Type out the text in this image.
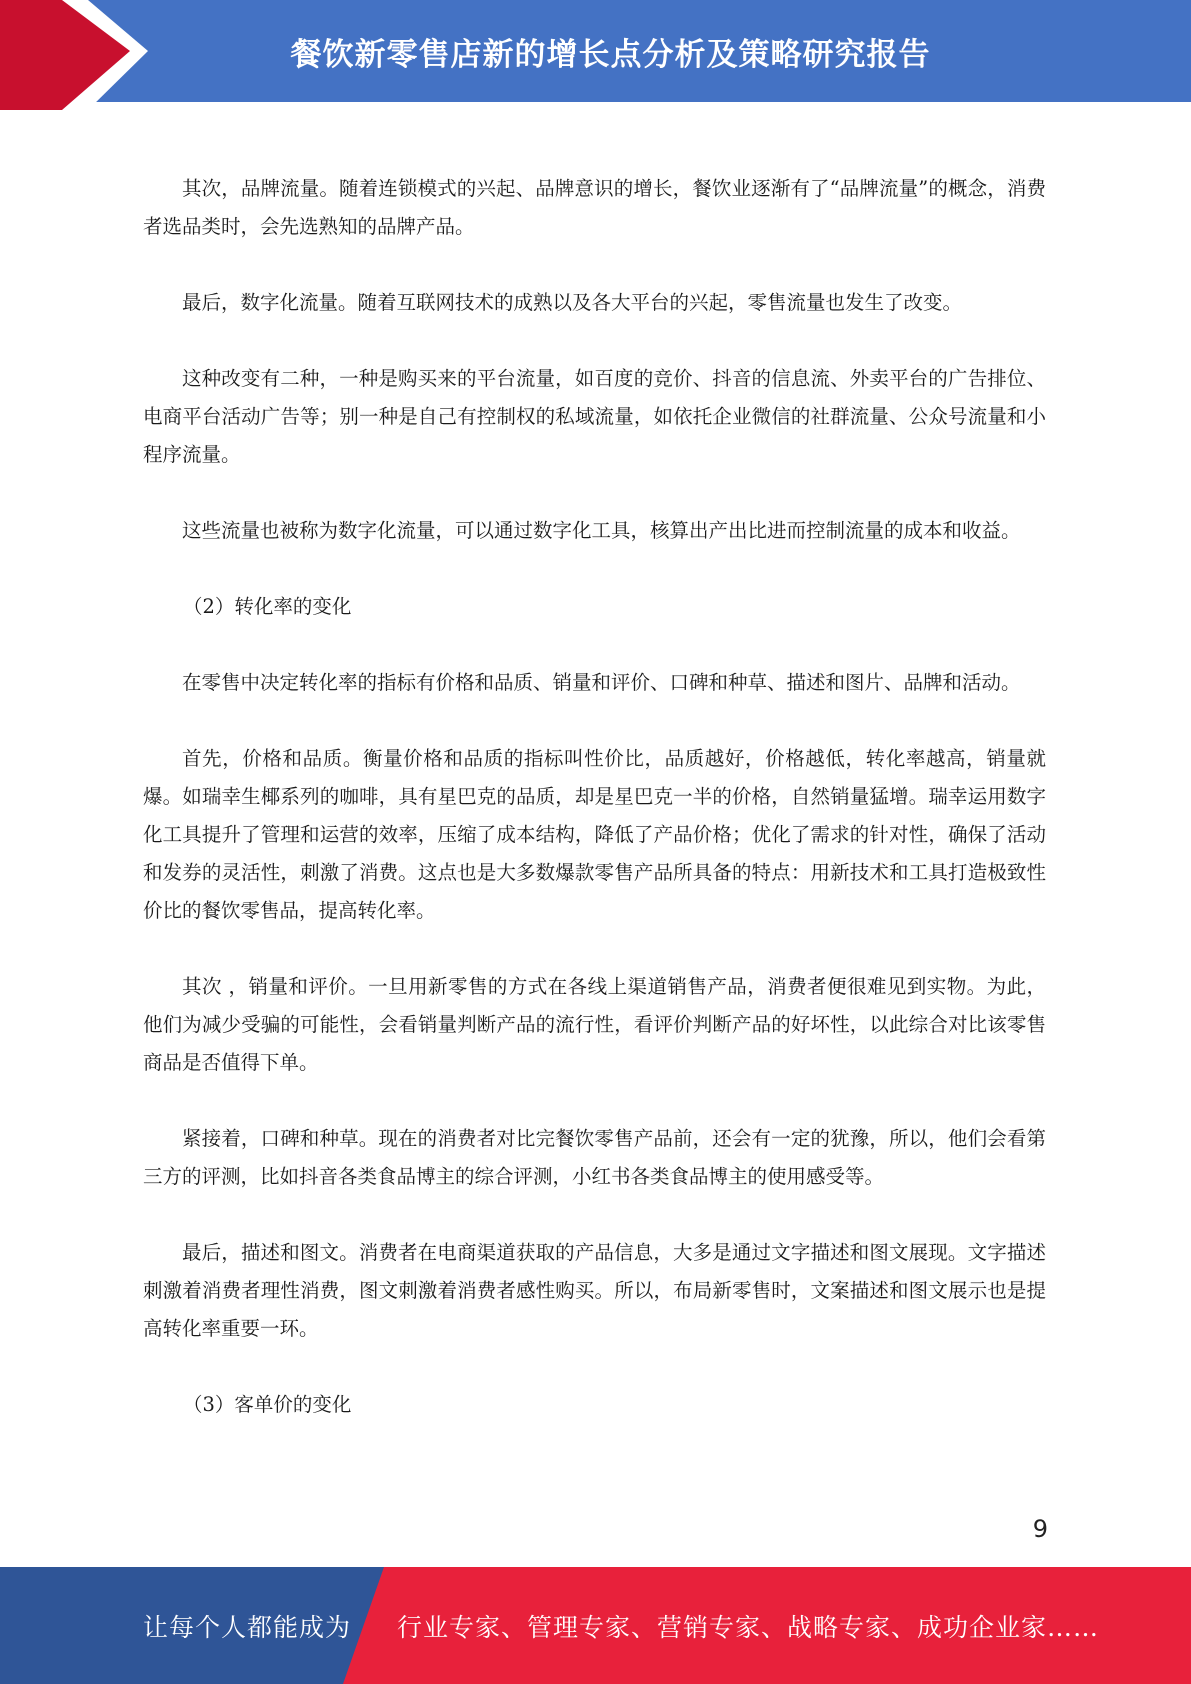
餐饮新零售店新的增长点分析及策略研究报告

其次，品牌流量。随着连锁模式的兴起、品牌意识的增长，餐饮业逐渐有了“品牌流量”的概念，消费者选品类时，会先选熟知的品牌产品。

最后，数字化流量。随着互联网技术的成熟以及各大平台的兴起，零售流量也发生了改变。

这种改变有二种，一种是购买来的平台流量，如百度的竞价、抖音的信息流、外卖平台的广告排位、电商平台活动广告等；别一种是自己有控制权的私域流量，如依托企业微信的社群流量、公众号流量和小程序流量。

这些流量也被称为数字化流量，可以通过数字化工具，核算出产出比进而控制流量的成本和收益。

（2）转化率的变化

在零售中决定转化率的指标有价格和品质、销量和评价、口碑和种草、描述和图片、品牌和活动。

首先，价格和品质。衡量价格和品质的指标叫性价比，品质越好，价格越低，转化率越高，销量就爆。如瑞幸生椰系列的咖啡，具有星巴克的品质，却是星巴克一半的价格，自然销量猛增。瑞幸运用数字化工具提升了管理和运营的效率，压缩了成本结构，降低了产品价格；优化了需求的针对性，确保了活动和发券的灵活性，刺激了消费。这点也是大多数爆款零售产品所具备的特点：用新技术和工具打造极致性价比的餐饮零售品，提高转化率。

其次 ，销量和评价。一旦用新零售的方式在各线上渠道销售产品，消费者便很难见到实物。为此，他们为减少受骗的可能性，会看销量判断产品的流行性，看评价判断产品的好坏性，以此综合对比该零售商品是否值得下单。

紧接着，口碑和种草。现在的消费者对比完餐饮零售产品前，还会有一定的犹豫，所以，他们会看第三方的评测，比如抖音各类食品博主的综合评测，小红书各类食品博主的使用感受等。

最后，描述和图文。消费者在电商渠道获取的产品信息，大多是通过文字描述和图文展现。文字描述刺激着消费者理性消费，图文刺激着消费者感性购买。所以，布局新零售时，文案描述和图文展示也是提高转化率重要一环。

（3）客单价的变化

9
让每个人都能成为 行业专家、管理专家、营销专家、战略专家、成功企业家……
